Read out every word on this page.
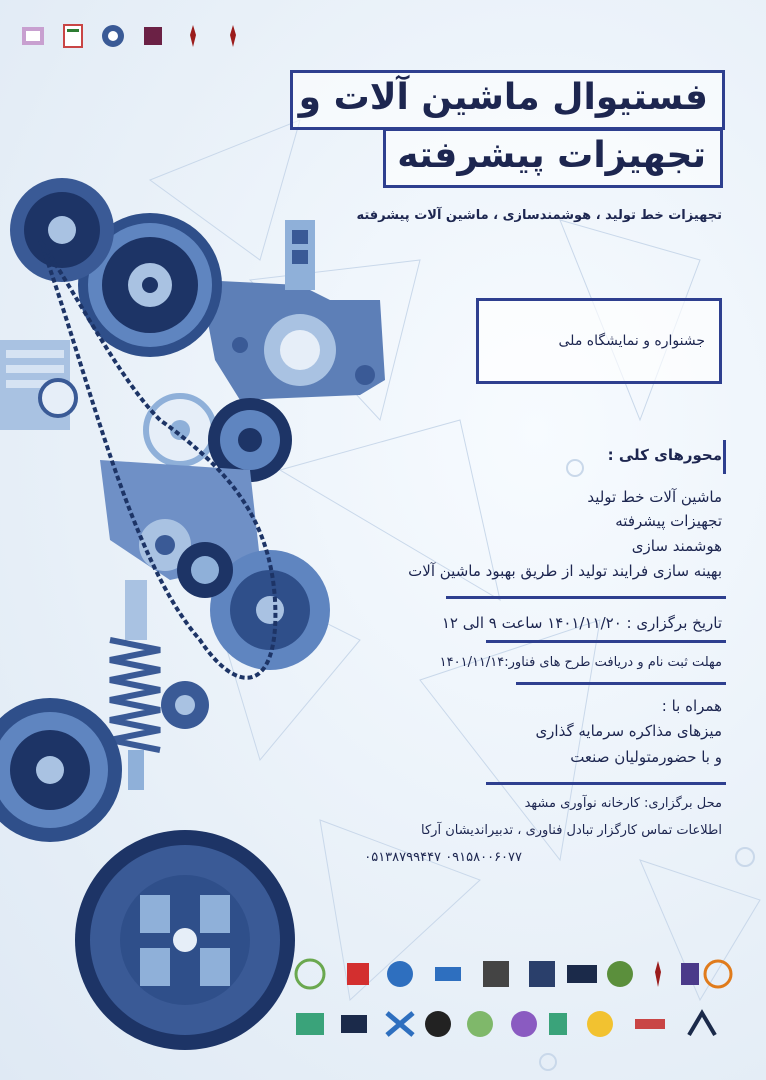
فستیوال ماشین آلات و
تجهیزات پیشرفته
تجهیزات خط تولید ، هوشمندسازی ، ماشین آلات پیشرفته
جشنواره و نمایشگاه ملی
محورهای کلی :
ماشین آلات خط تولید
تجهیزات پیشرفته
هوشمند سازی
بهینه سازی فرایند تولید از طریق بهبود ماشین آلات
تاریخ برگزاری : ۱۴۰۱/۱۱/۲۰ ساعت ۹ الی ۱۲
مهلت ثبت نام و دریافت طرح های فناور:۱۴۰۱/۱۱/۱۴
همراه با :
میزهای مذاکره سرمایه گذاری
و با حضورمتولیان صنعت
محل برگزاری: کارخانه نوآوری مشهد
اطلاعات تماس کارگزار تبادل فناوری ، تدبیراندیشان آرکا
۰۹۱۵۸۰۰۶۰۷۷ ۰۵۱۳۸۷۹۹۴۴۷
